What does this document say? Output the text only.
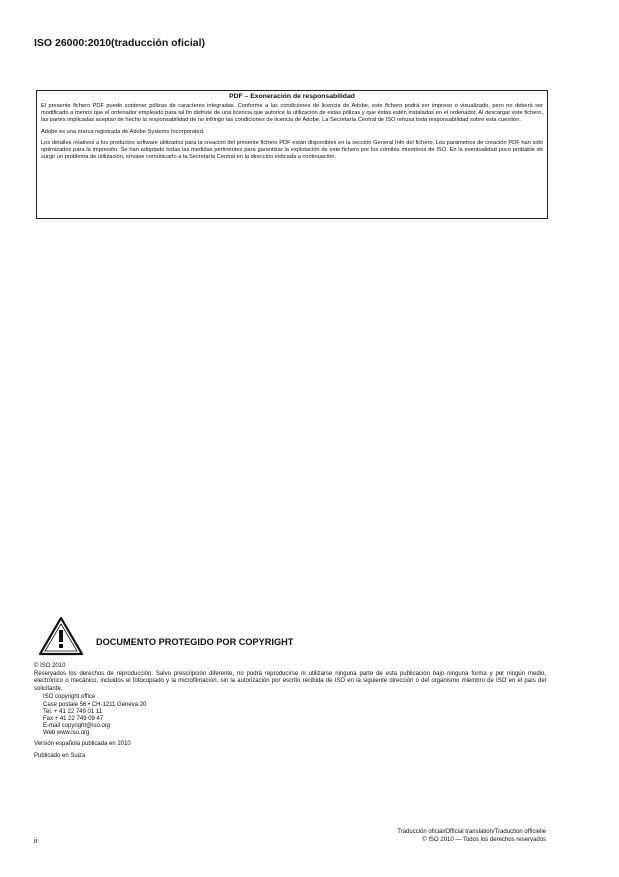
ISO 26000:2010(traducción oficial)
PDF – Exoneración de responsabilidad

El presente fichero PDF puede contener pólizas de caracteres integradas. Conforme a las condiciones de licencia de Adobe, este fichero podrá ser impreso o visualizado, pero no deberá ser modificado a menos que el ordenador empleado para tal fin disfrute de una licencia que autorice la utilización de estas pólizas y que éstas estén instaladas en el ordenador. Al descargar este fichero, las partes implicadas aceptan de hecho la responsabilidad de no infringir las condiciones de licencia de Adobe. La Secretaría Central de ISO rehusa toda responsabilidad sobre esta cuestión.

Adobe es una marca registrada de Adobe Systems Incorporated.

Los detalles relativos a los productos software utilizados para la creación del presente fichero PDF están disponibles en la sección General Info del fichero. Los parámetros de creación PDF han sido optimizados para la impresión. Se han adoptado todas las medidas pertinentes para garantizar la explotación de este fichero por los comités miembros de ISO. En la eventualidad poco probable de surgir un problema de utilización, sírvase comunicarlo a la Secretaría Central en la dirección indicada a continuación.

DOCUMENTO PROTEGIDO POR COPYRIGHT

© ISO 2010

Reservados los derechos de reproducción. Salvo prescripción diferente, no podrá reproducirse ni utilizarse ninguna parte de esta publicación bajo ninguna forma y por ningún medio, electrónico o mecánico, incluidos el fotocopiado y la microfilmación, sin la autorización por escrito recibida de ISO en la siguiente dirección o del organismo miembro de ISO en el país del solicitante.

ISO copyright office
Case postale 56 • CH-1211 Geneva 20
Tel. + 41 22 749 01 11
Fax + 41 22 749 09 47
E-mail copyright@iso.org
Web www.iso.org

Versión española publicada en 2010

Publicado en Suiza

Traducción oficial/Official translation/Traduction officielle
© ISO 2010 — Todos los derechos reservados
ii
